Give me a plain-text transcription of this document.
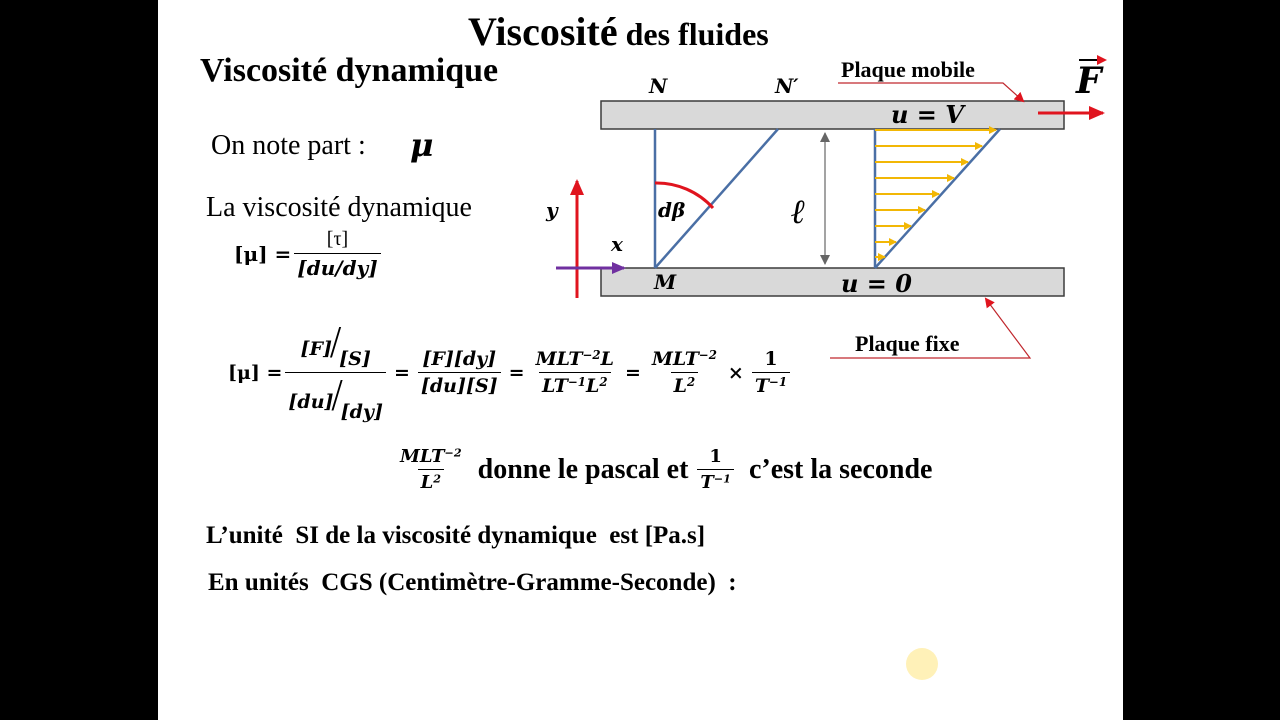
Viscosité des fluides
Viscosité dynamique
On note part : μ
La viscosité dynamique
$[\mu] = \frac{[\tau]}{[du/dy]}$
$[\mu] = \frac{[F]/[S]}{[du]/[dy]} = \frac{[F][dy]}{[du][S]} = \frac{MLT^{-2}L}{LT^{-1}L^2} = \frac{MLT^{-2}}{L^2} \times \frac{1}{T^{-1}}$
$\frac{MLT^{-2}}{L^2}$ donne le pascal et $\frac{1}{T^{-1}}$ c’est la seconde
L’unité  SI de la viscosité dynamique  est [Pa.s]
En unités  CGS (Centimètre-Gramme-Seconde)  :
N	N′
M
Plaque mobile
Plaque fixe
F
u = V
u = 0
ℓ
dβ
y
x
